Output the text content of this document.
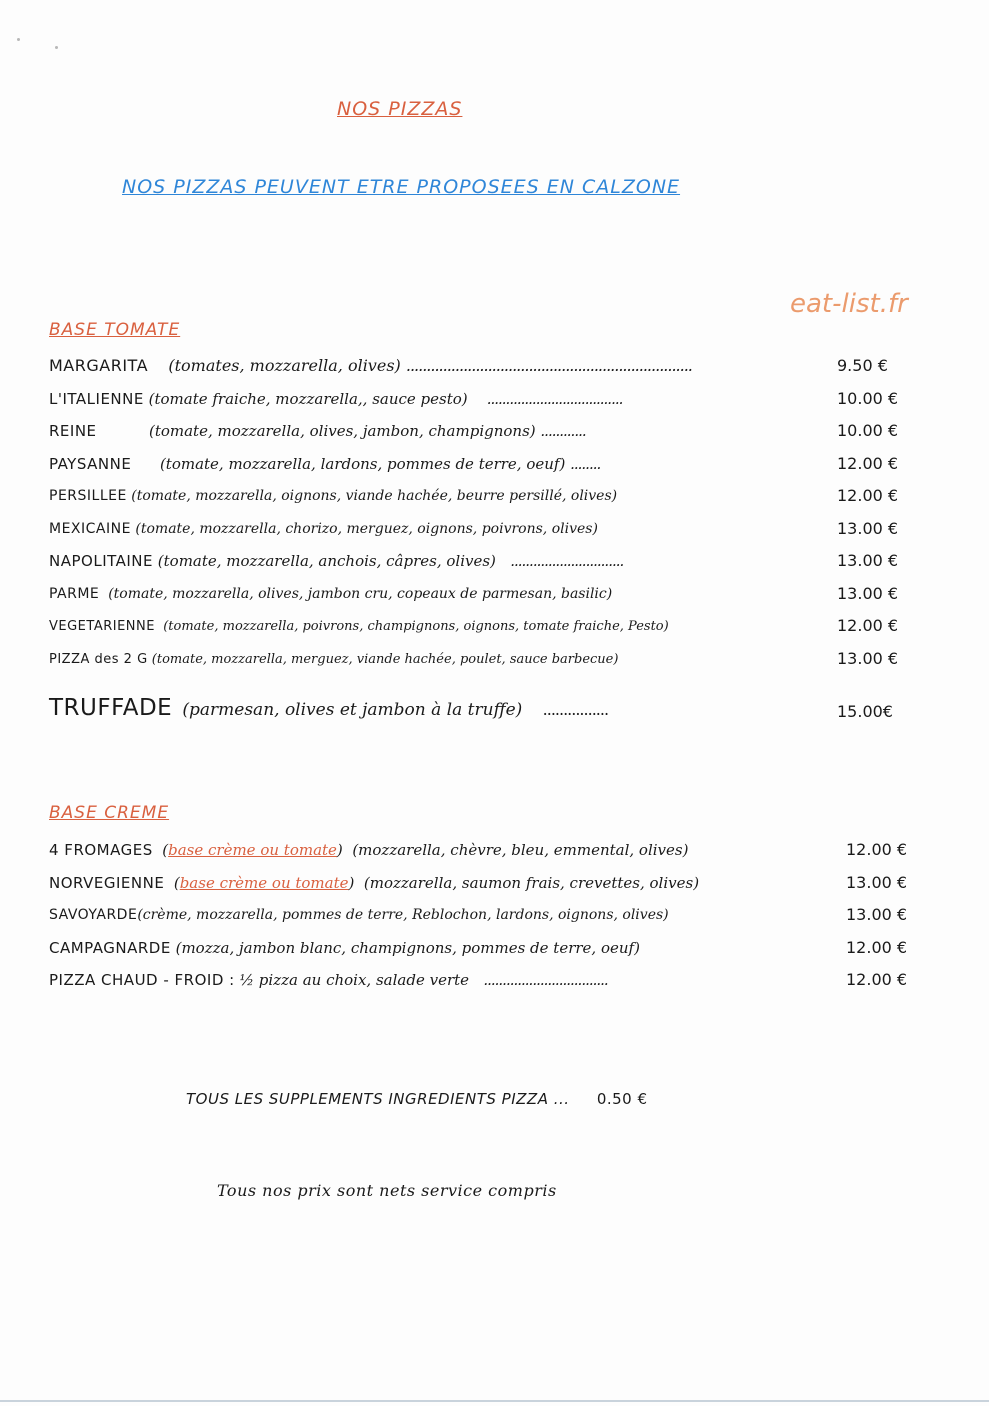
NOS PIZZAS
NOS PIZZAS PEUVENT ETRE PROPOSEES EN CALZONE
eat-list.fr
BASE TOMATE
MARGARITA (tomates, mozzarella, olives) ......................................................................	9.50 €
L'ITALIENNE (tomate fraiche, mozzarella,, sauce pesto) ....................................	10.00 €
REINE	(tomate, mozzarella, olives, jambon, champignons) ............	10.00 €
PAYSANNE (tomate, mozzarella, lardons, pommes de terre, oeuf) ........	12.00 €
PERSILLEE (tomate, mozzarella, oignons, viande hachée, beurre persillé, olives)	12.00 €
MEXICAINE (tomate, mozzarella, chorizo, merguez, oignons, poivrons, olives)	13.00 €
NAPOLITAINE (tomate, mozzarella, anchois, câpres, olives) ..............................	13.00 €
PARME (tomate, mozzarella, olives, jambon cru, copeaux de parmesan, basilic)	13.00 €
VEGETARIENNE (tomate, mozzarella, poivrons, champignons, oignons, tomate fraiche, Pesto)	12.00 €
PIZZA des 2 G (tomate, mozzarella, merguez, viande hachée, poulet, sauce barbecue)	13.00 €
TRUFFADE (parmesan, olives et jambon à la truffe) ................	15.00€
BASE CREME
4 FROMAGES  (base crème ou tomate)  (mozzarella, chèvre, bleu, emmental, olives)	12.00 €
NORVEGIENNE  (base crème ou tomate)  (mozzarella, saumon frais, crevettes, olives)	13.00 €
SAVOYARDE(crème, mozzarella, pommes de terre, Reblochon, lardons, oignons, olives)	13.00 €
CAMPAGNARDE (mozza, jambon blanc, champignons, pommes de terre, oeuf)	12.00 €
PIZZA CHAUD - FROID : ½ pizza au choix, salade verte .................................	12.00 €
TOUS LES SUPPLEMENTS INGREDIENTS PIZZA ... 0.50 €
Tous nos prix sont nets service compris
